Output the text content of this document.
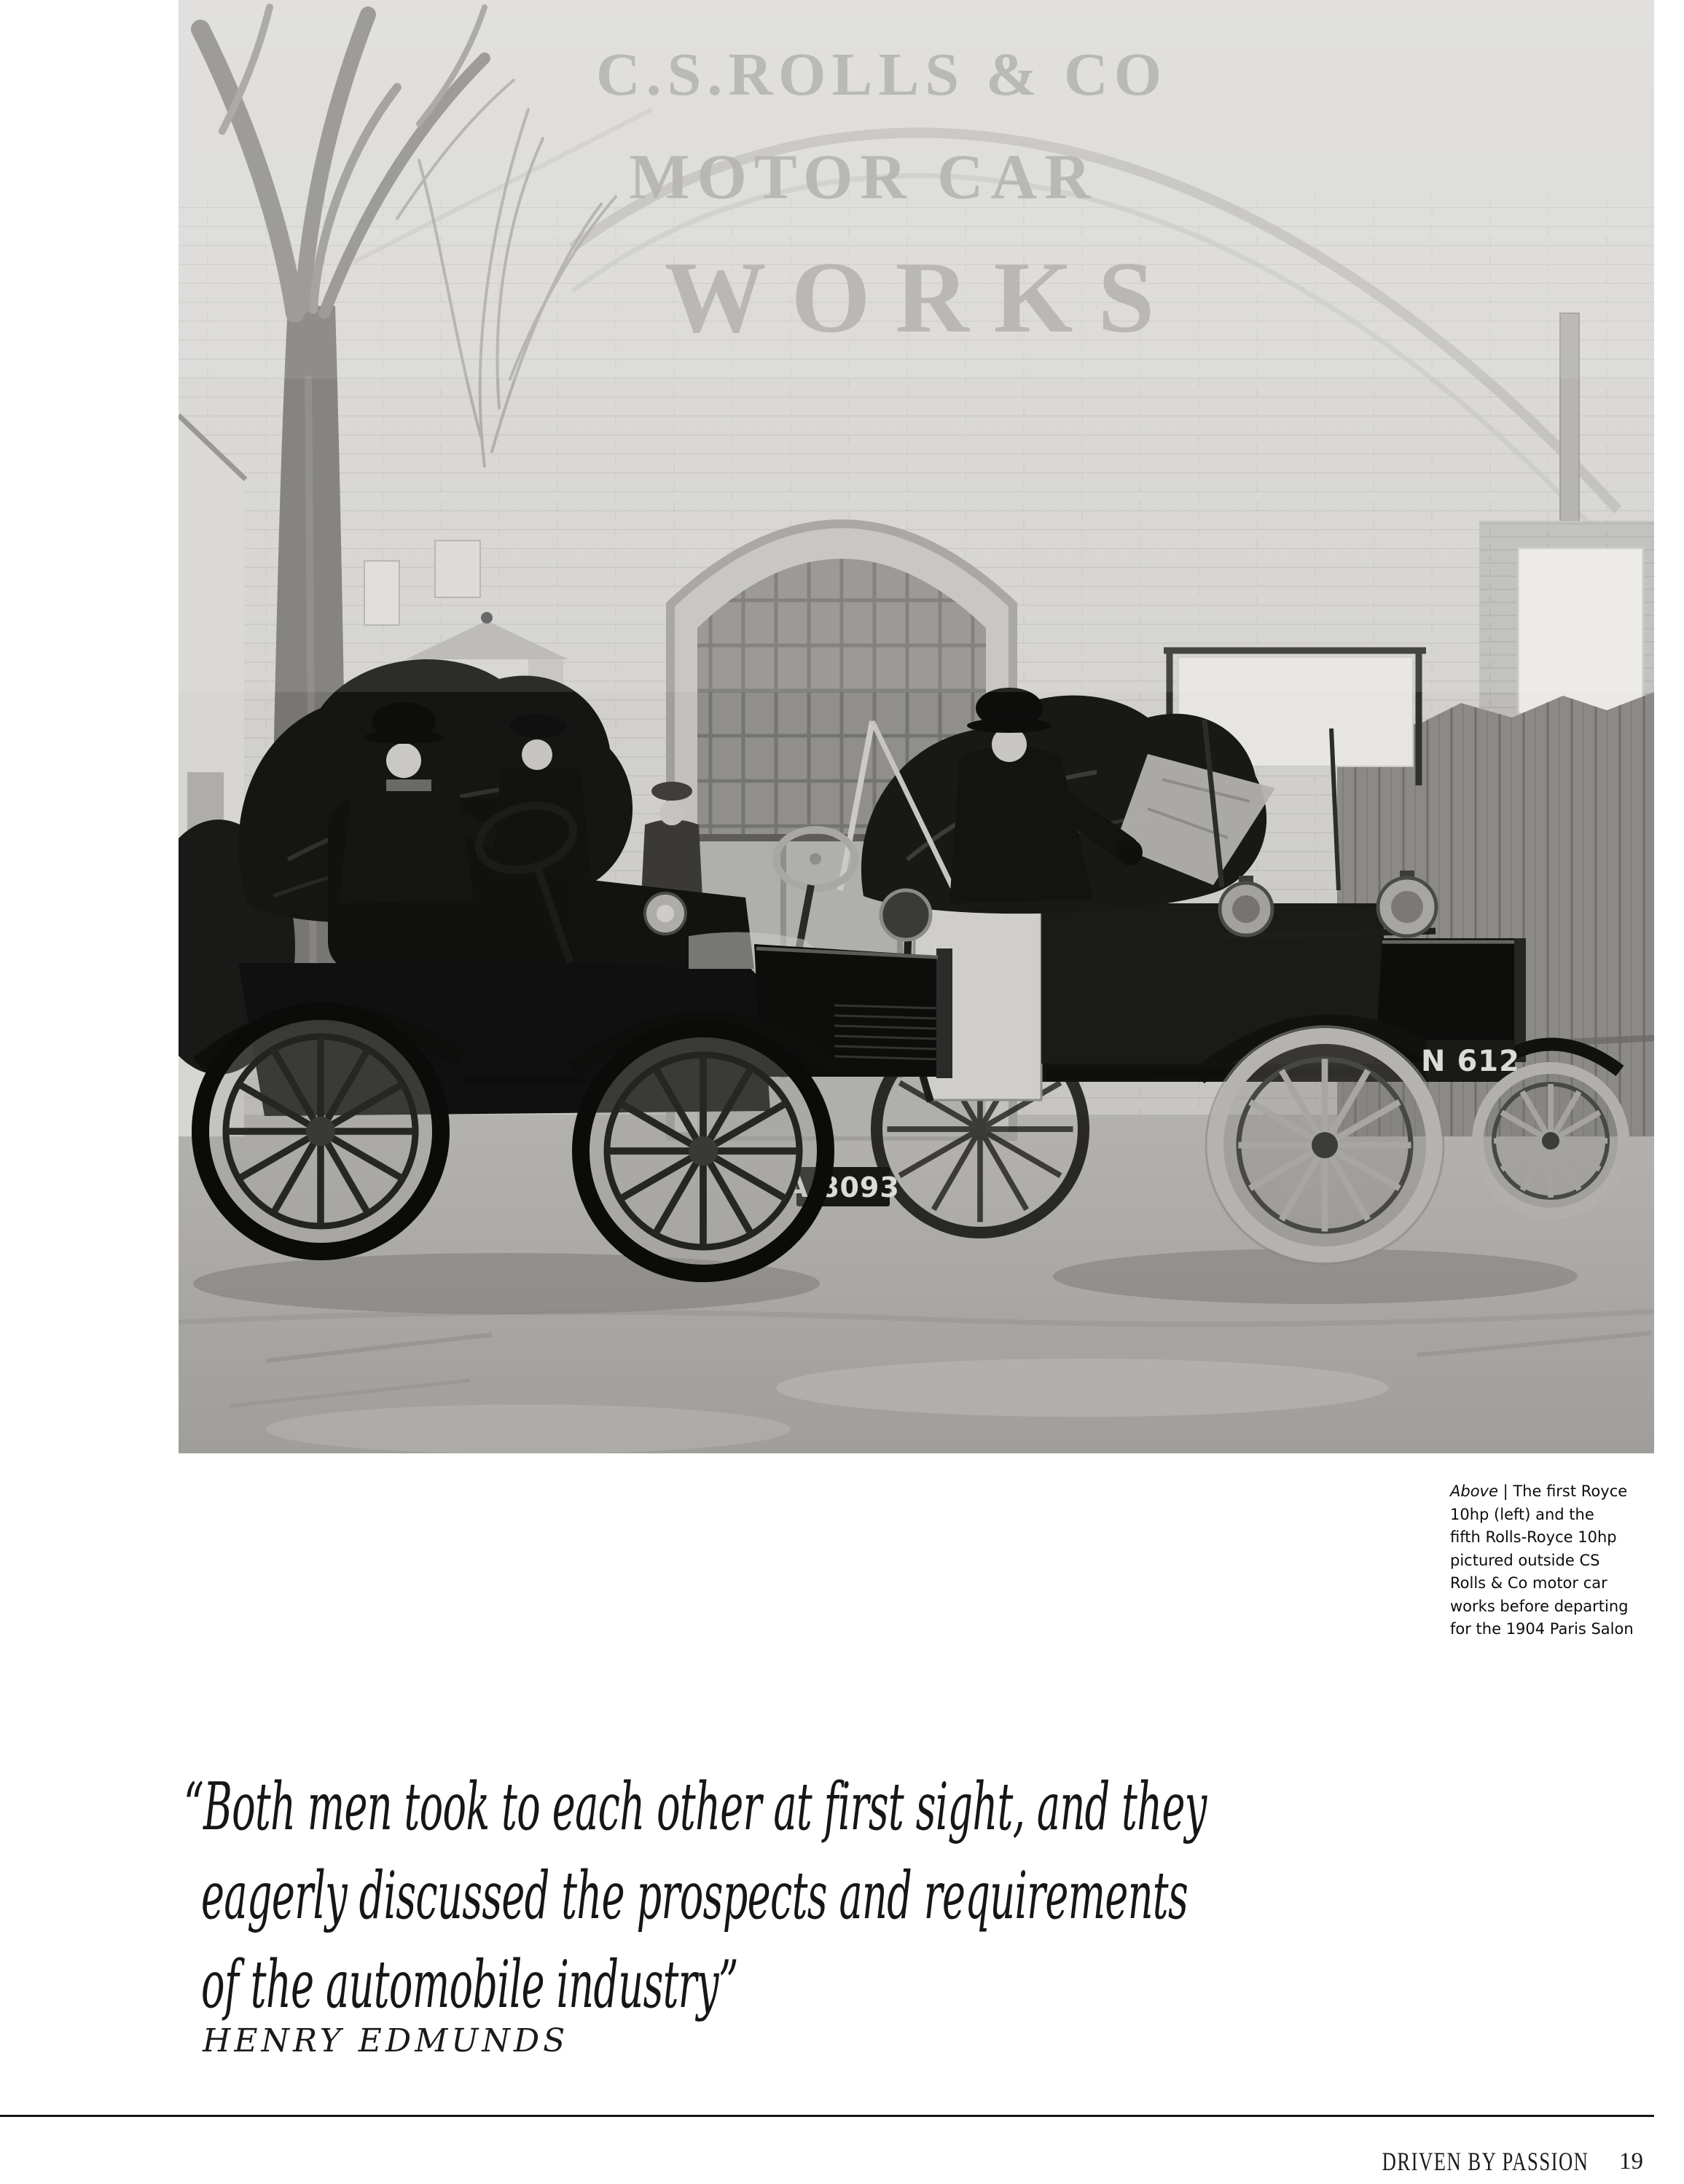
C.S.ROLLS & CO
MOTOR CAR
WORKS
N 612
A·8093
Above | The first Royce
10hp (left) and the
fifth Rolls-Royce 10hp
pictured outside CS
Rolls & Co motor car
works before departing
for the 1904 Paris Salon
“Both men took to each other at first sight, and they
eagerly discussed the prospects and requirements
of the automobile industry”
HENRY EDMUNDS
DRIVEN BY PASSION 19
